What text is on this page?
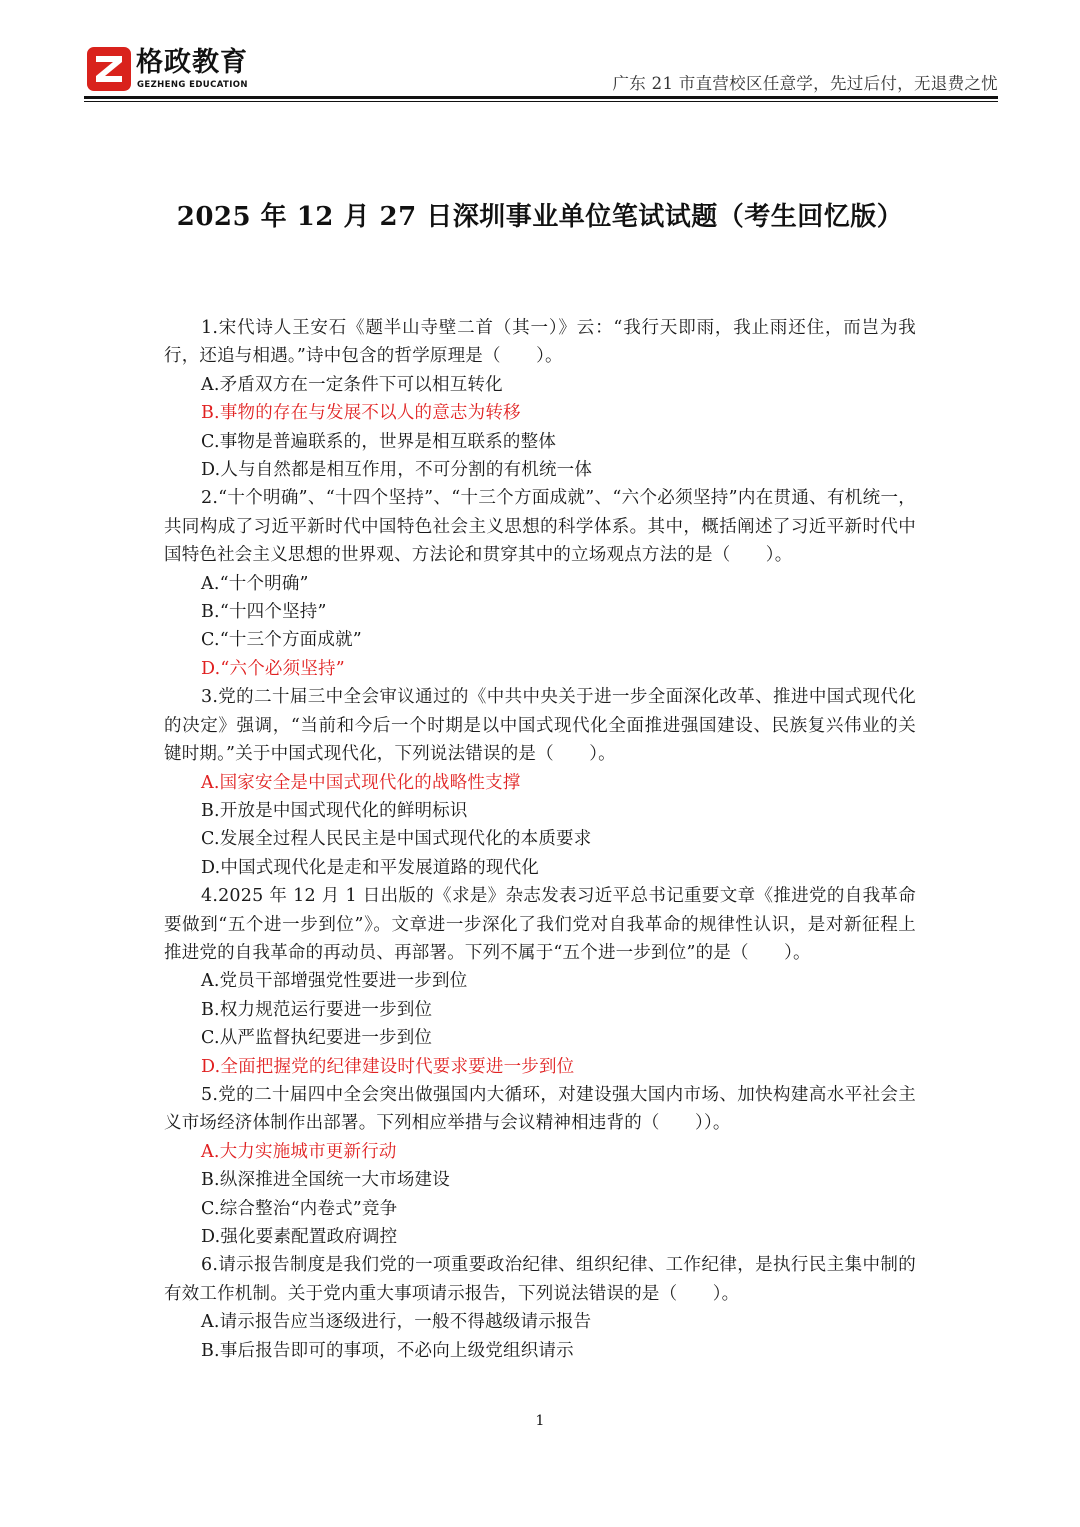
格政教育
GEZHENG EDUCATION	广东 21 市直营校区任意学，先过后付，无退费之忧
2025 年 12 月 27 日深圳事业单位笔试试题（考生回忆版）

1.宋代诗人王安石《题半山寺壁二首（其一）》云：“我行天即雨，我止雨还住，而岂为我行，还追与相遇。”诗中包含的哲学原理是（　　）。

A.矛盾双方在一定条件下可以相互转化

B.事物的存在与发展不以人的意志为转移

C.事物是普遍联系的，世界是相互联系的整体

D.人与自然都是相互作用，不可分割的有机统一体

2.“十个明确”、“十四个坚持”、“十三个方面成就”、“六个必须坚持”内在贯通、有机统一，共同构成了习近平新时代中国特色社会主义思想的科学体系。其中，概括阐述了习近平新时代中国特色社会主义思想的世界观、方法论和贯穿其中的立场观点方法的是（　　）。

A.“十个明确”

B.“十四个坚持”

C.“十三个方面成就”

D.“六个必须坚持”

3.党的二十届三中全会审议通过的《中共中央关于进一步全面深化改革、推进中国式现代化的决定》强调，“当前和今后一个时期是以中国式现代化全面推进强国建设、民族复兴伟业的关键时期。”关于中国式现代化，下列说法错误的是（　　）。

A.国家安全是中国式现代化的战略性支撑

B.开放是中国式现代化的鲜明标识

C.发展全过程人民民主是中国式现代化的本质要求

D.中国式现代化是走和平发展道路的现代化

4.2025 年 12 月 1 日出版的《求是》杂志发表习近平总书记重要文章《推进党的自我革命要做到“五个进一步到位”》。文章进一步深化了我们党对自我革命的规律性认识，是对新征程上推进党的自我革命的再动员、再部署。下列不属于“五个进一步到位”的是（　　）。

A.党员干部增强党性要进一步到位

B.权力规范运行要进一步到位

C.从严监督执纪要进一步到位

D.全面把握党的纪律建设时代要求要进一步到位

5.党的二十届四中全会突出做强国内大循环，对建设强大国内市场、加快构建高水平社会主义市场经济体制作出部署。下列相应举措与会议精神相违背的（　　））。

A.大力实施城市更新行动

B.纵深推进全国统一大市场建设

C.综合整治“内卷式”竞争

D.强化要素配置政府调控

6.请示报告制度是我们党的一项重要政治纪律、组织纪律、工作纪律，是执行民主集中制的有效工作机制。关于党内重大事项请示报告，下列说法错误的是（　　）。

A.请示报告应当逐级进行，一般不得越级请示报告

B.事后报告即可的事项，不必向上级党组织请示

1
